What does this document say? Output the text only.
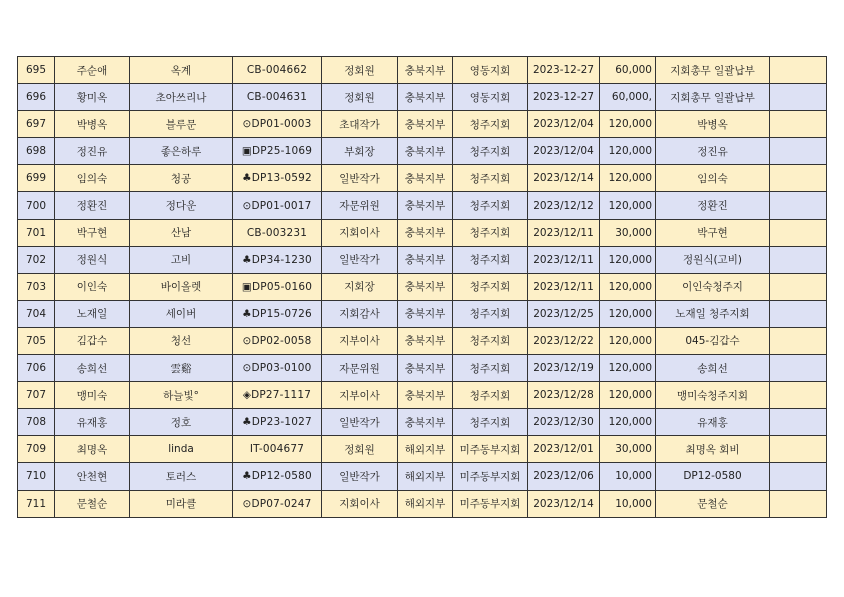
695	주순애	옥계	CB-004662	정회원	충북지부	영동지회	2023-12-27	60,000	지회총무 일괄납부	
696	황미옥	초아쓰리나	CB-004631	정회원	충북지부	영동지회	2023-12-27	60,000,	지회총무 일괄납부	
697	박병옥	블루문	⊙DP01-0003	초대작가	충북지부	청주지회	2023/12/04	120,000	박병옥	
698	정진유	좋은하루	▣DP25-1069	부회장	충북지부	청주지회	2023/12/04	120,000	정진유	
699	임의숙	청공	♣DP13-0592	일반작가	충북지부	청주지회	2023/12/14	120,000	임의숙	
700	정환진	정다운	⊙DP01-0017	자문위원	충북지부	청주지회	2023/12/12	120,000	정환진	
701	박구현	산남	CB-003231	지회이사	충북지부	청주지회	2023/12/11	30,000	박구현	
702	정원식	고비	♣DP34-1230	일반작가	충북지부	청주지회	2023/12/11	120,000	정원식(고비)	
703	이인숙	바이올렛	▣DP05-0160	지회장	충북지부	청주지회	2023/12/11	120,000	이인숙청주지	
704	노재일	세이버	♣DP15-0726	지회감사	충북지부	청주지회	2023/12/25	120,000	노재일 청주지회	
705	김갑수	청선	⊙DP02-0058	지부이사	충북지부	청주지회	2023/12/22	120,000	045-김갑수	
706	송희선	雲谿	⊙DP03-0100	자문위원	충북지부	청주지회	2023/12/19	120,000	송희선	
707	맹미숙	하늘빛°	◈DP27-1117	지부이사	충북지부	청주지회	2023/12/28	120,000	맹미숙청주지회	
708	유재홍	정호	♣DP23-1027	일반작가	충북지부	청주지회	2023/12/30	120,000	유재홍	
709	최명옥	linda	IT-004677	정회원	해외지부	미주동부지회	2023/12/01	30,000	최명옥 회비	
710	안천현	토러스	♣DP12-0580	일반작가	해외지부	미주동부지회	2023/12/06	10,000	DP12-0580	
711	문철순	미라클	⊙DP07-0247	지회이사	해외지부	미주동부지회	2023/12/14	10,000	문철순	
